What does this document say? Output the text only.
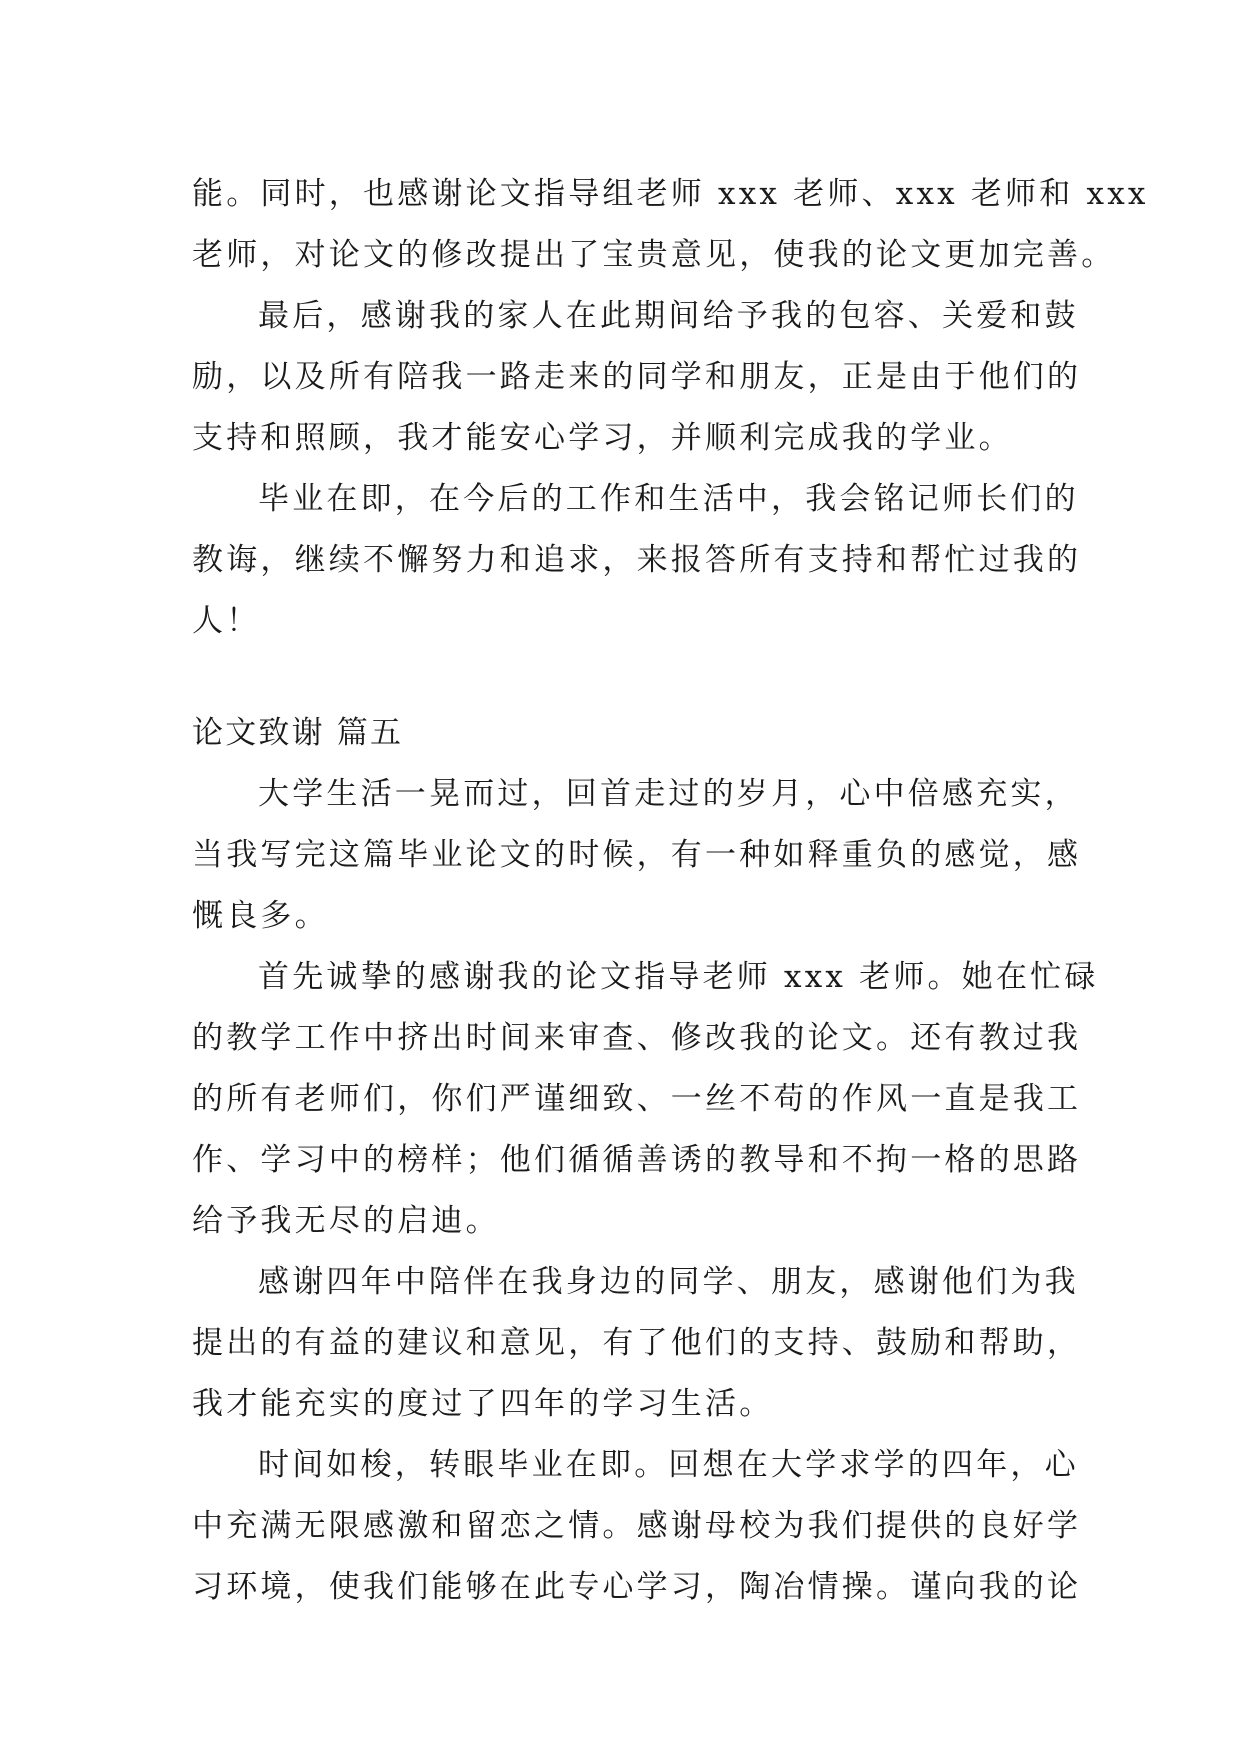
能。同时，也感谢论文指导组老师 xxx 老师、xxx 老师和 xxx
老师，对论文的修改提出了宝贵意见，使我的论文更加完善。
最后，感谢我的家人在此期间给予我的包容、关爱和鼓
励，以及所有陪我一路走来的同学和朋友，正是由于他们的
支持和照顾，我才能安心学习，并顺利完成我的学业。
毕业在即，在今后的工作和生活中，我会铭记师长们的
教诲，继续不懈努力和追求，来报答所有支持和帮忙过我的
人！
论文致谢 篇五
大学生活一晃而过，回首走过的岁月，心中倍感充实，
当我写完这篇毕业论文的时候，有一种如释重负的感觉，感
慨良多。
首先诚挚的感谢我的论文指导老师 xxx 老师。她在忙碌
的教学工作中挤出时间来审查、修改我的论文。还有教过我
的所有老师们，你们严谨细致、一丝不苟的作风一直是我工
作、学习中的榜样；他们循循善诱的教导和不拘一格的思路
给予我无尽的启迪。
感谢四年中陪伴在我身边的同学、朋友，感谢他们为我
提出的有益的建议和意见，有了他们的支持、鼓励和帮助，
我才能充实的度过了四年的学习生活。
时间如梭，转眼毕业在即。回想在大学求学的四年，心
中充满无限感激和留恋之情。感谢母校为我们提供的良好学
习环境，使我们能够在此专心学习，陶冶情操。谨向我的论
